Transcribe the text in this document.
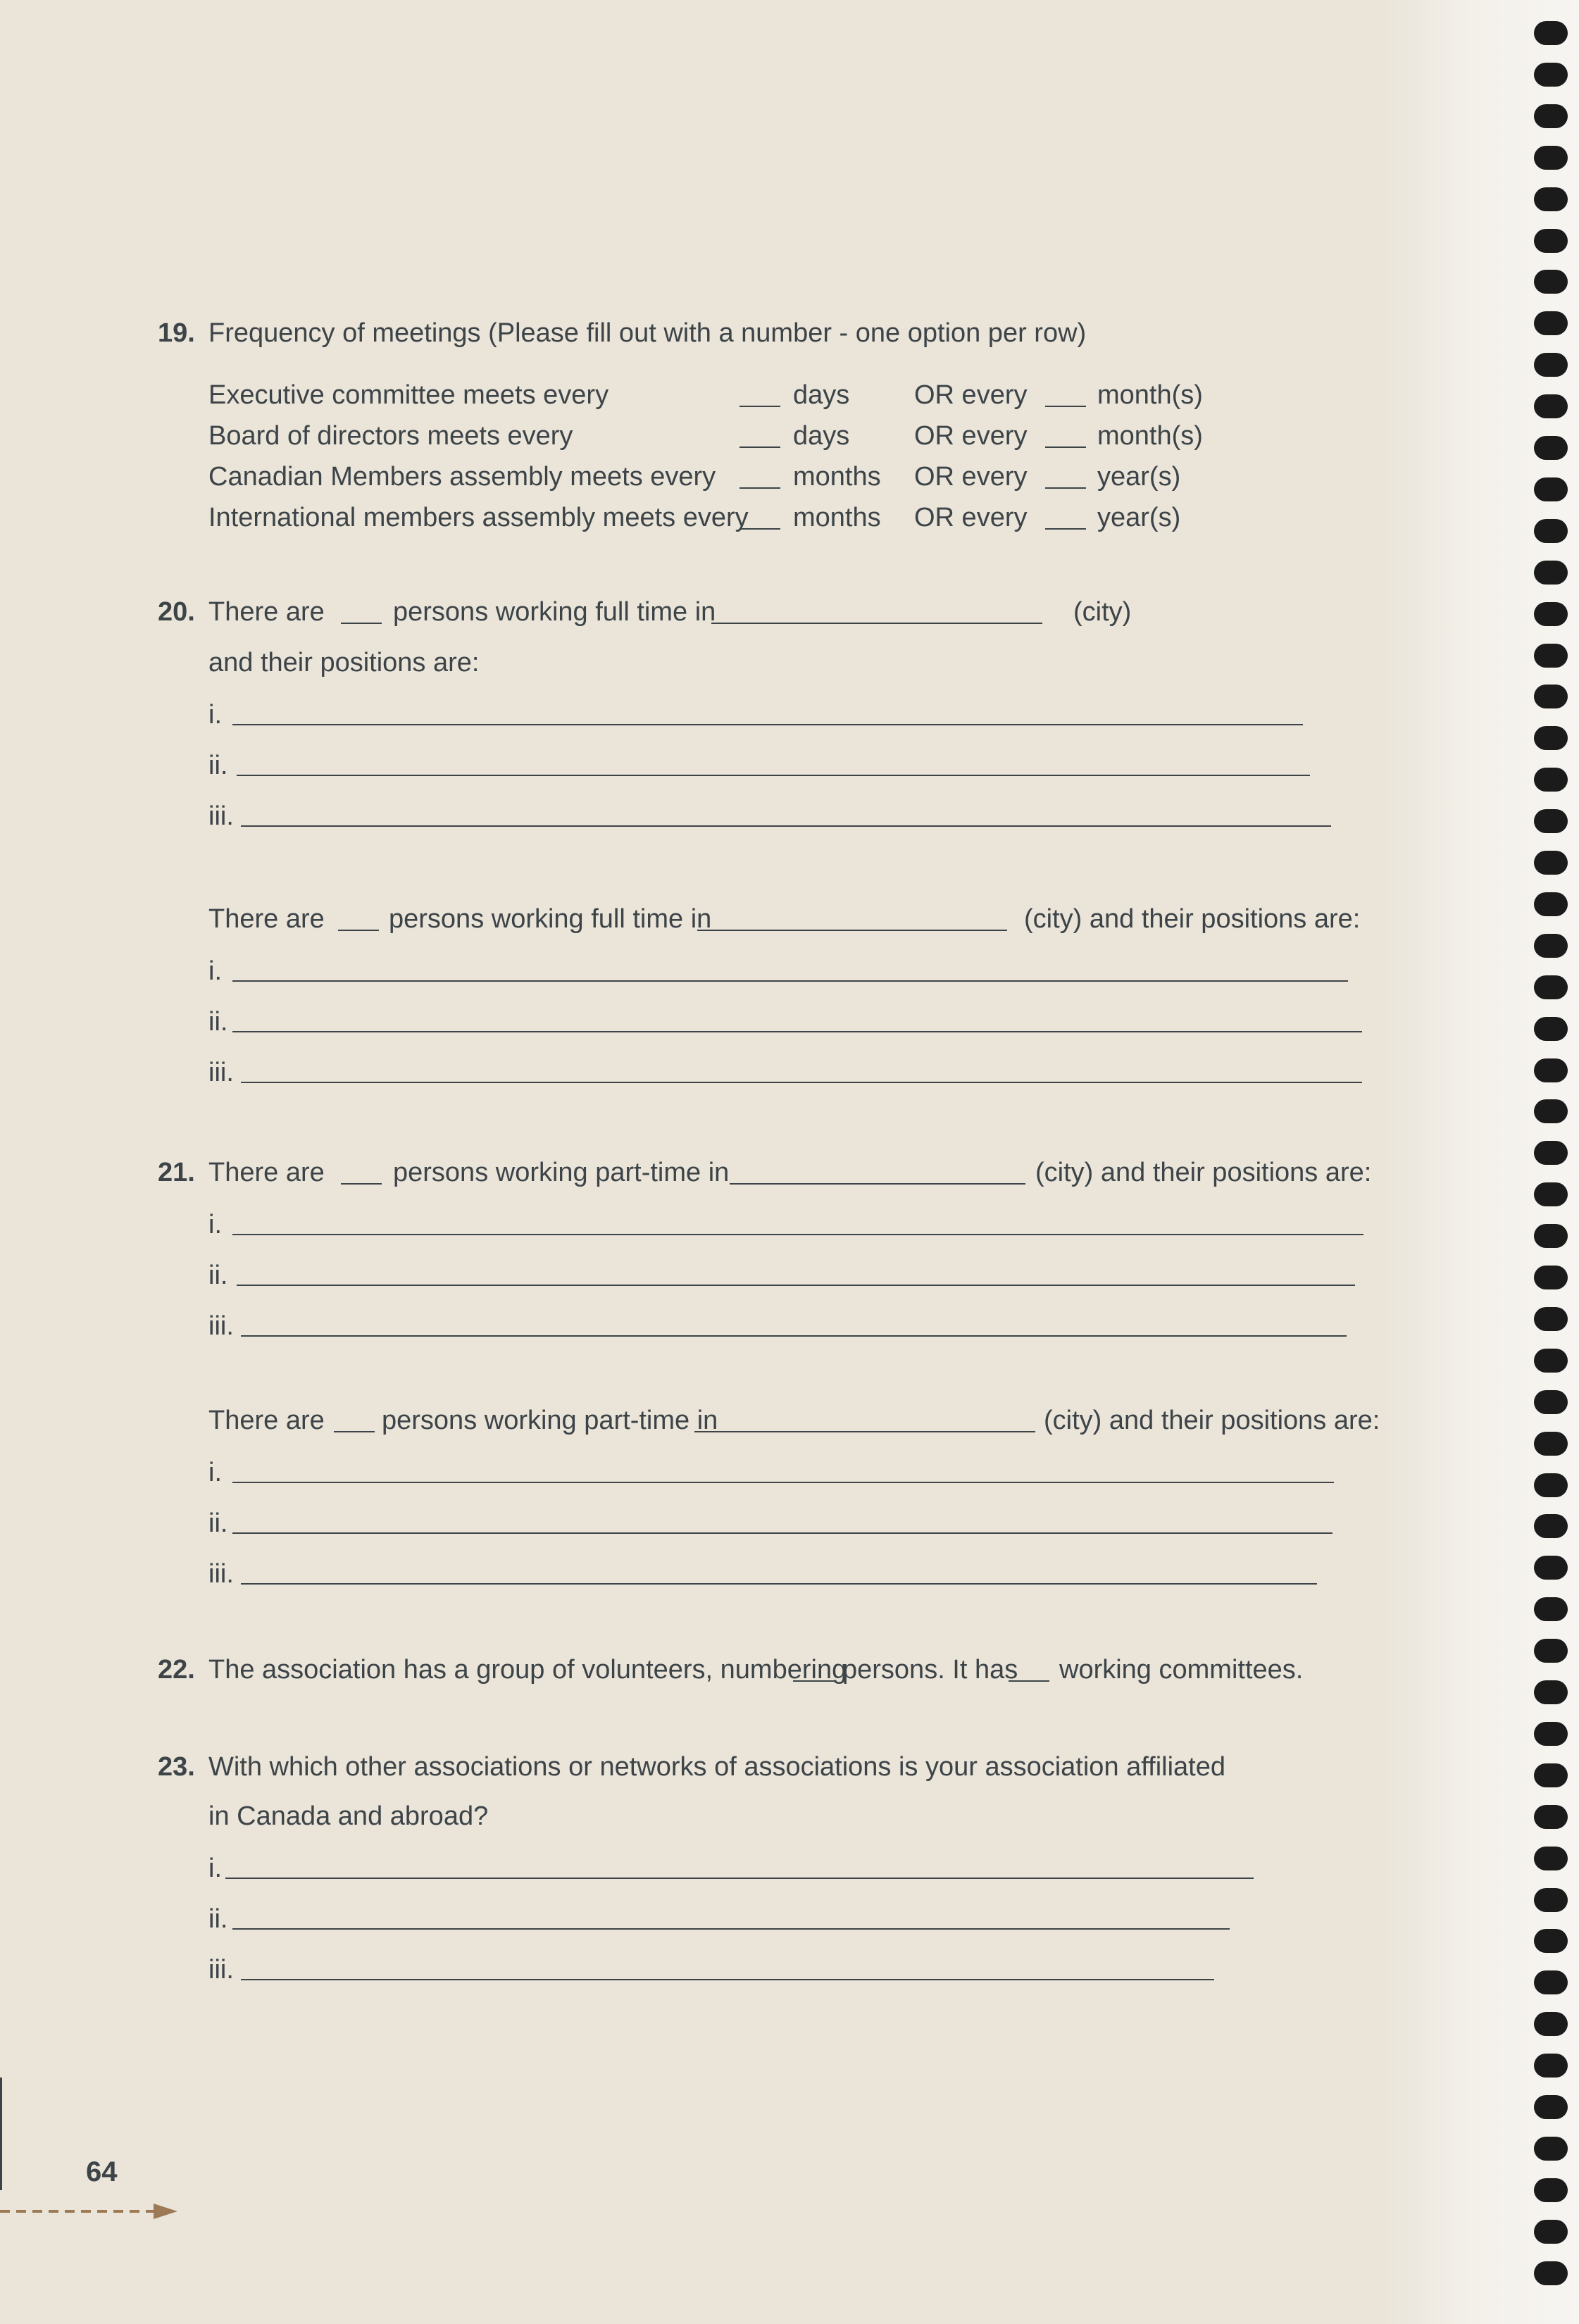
19. Frequency of meetings (Please fill out with a number - one option per row)
Executive committee meets every	days OR every	month(s)
Board of directors meets every	days OR every	month(s)
Canadian Members assembly meets every	months OR every	year(s)
International members assembly meets every months OR every	year(s)
20. There are	persons working full time in	(city)
and their positions are:
i.
ii.
iii.
There are persons working full time in	(city) and their positions are:
i.
ii.
iii.
21. There are	persons working part-time in	(city) and their positions are:
i.
ii.
iii.
There are persons working part-time in	(city) and their positions are:
i.
ii.
iii.
22. The association has a group of volunteers, numbering
persons. It has working committees.
23. With which other associations or networks of associations is your association affiliated
in Canada and abroad?
i.
ii.
iii.
64
